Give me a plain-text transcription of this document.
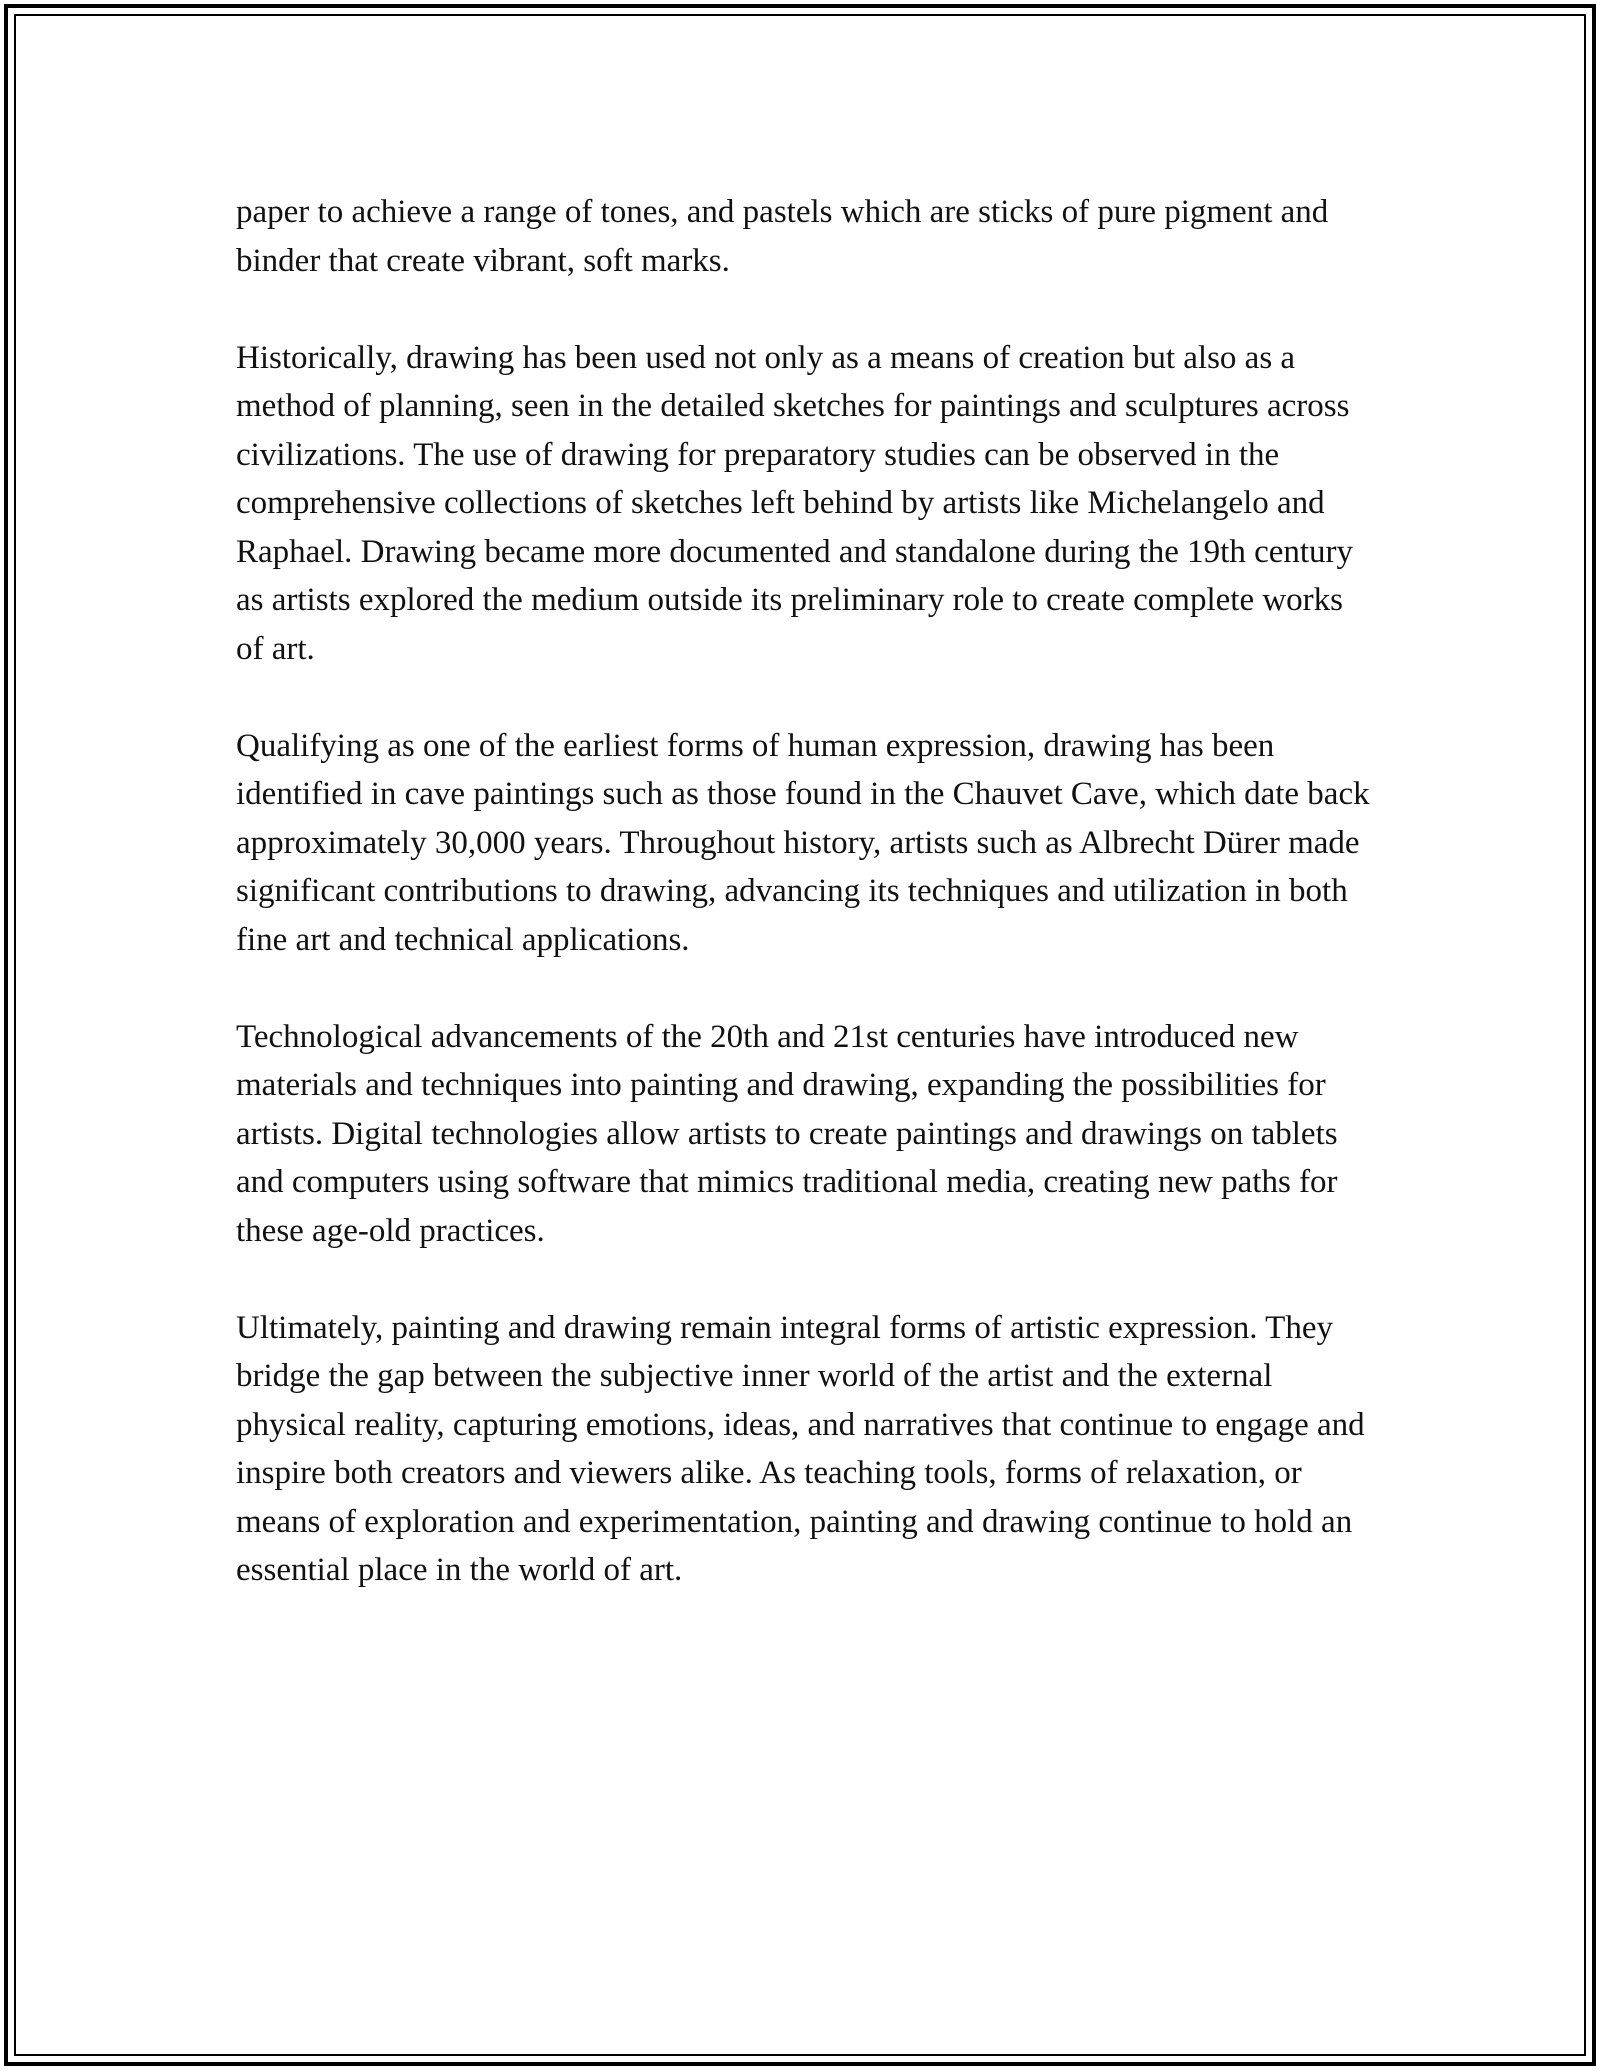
paper to achieve a range of tones, and pastels which are sticks of pure pigment and binder that create vibrant, soft marks.

Historically, drawing has been used not only as a means of creation but also as a method of planning, seen in the detailed sketches for paintings and sculptures across civilizations. The use of drawing for preparatory studies can be observed in the comprehensive collections of sketches left behind by artists like Michelangelo and Raphael. Drawing became more documented and standalone during the 19th century as artists explored the medium outside its preliminary role to create complete works of art.

Qualifying as one of the earliest forms of human expression, drawing has been identified in cave paintings such as those found in the Chauvet Cave, which date back approximately 30,000 years. Throughout history, artists such as Albrecht Dürer made significant contributions to drawing, advancing its techniques and utilization in both fine art and technical applications.

Technological advancements of the 20th and 21st centuries have introduced new materials and techniques into painting and drawing, expanding the possibilities for artists. Digital technologies allow artists to create paintings and drawings on tablets and computers using software that mimics traditional media, creating new paths for these age-old practices.

Ultimately, painting and drawing remain integral forms of artistic expression. They bridge the gap between the subjective inner world of the artist and the external physical reality, capturing emotions, ideas, and narratives that continue to engage and inspire both creators and viewers alike. As teaching tools, forms of relaxation, or means of exploration and experimentation, painting and drawing continue to hold an essential place in the world of art.
